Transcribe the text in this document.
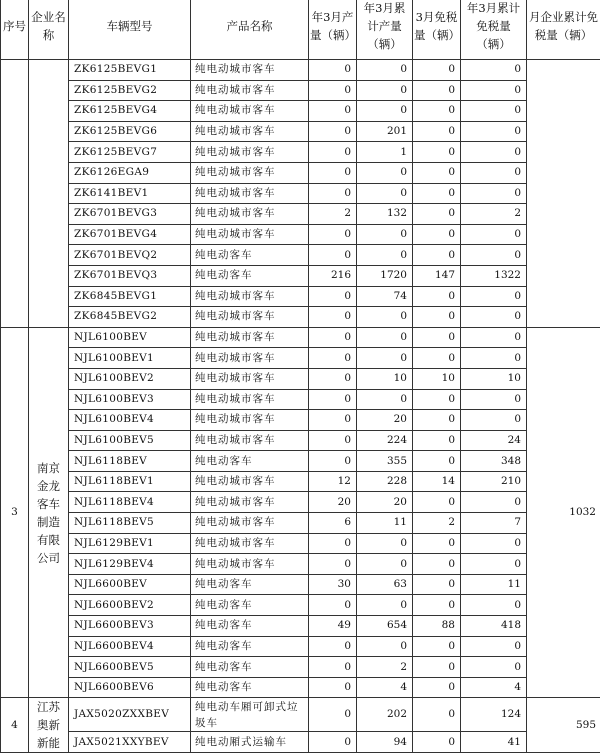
序号	企业名称	车辆型号	产品名称	年3月产量（辆）	年3月累计产量（辆）	3月免税量（辆）	年3月累计免税量（辆）	月企业累计免税量（辆）
		ZK6125BEVG1	纯电动城市客车	0	0	0	0	
		ZK6125BEVG2	纯电动城市客车	0	0	0	0	
		ZK6125BEVG4	纯电动城市客车	0	0	0	0	
		ZK6125BEVG6	纯电动城市客车	0	201	0	0	
		ZK6125BEVG7	纯电动城市客车	0	1	0	0	
		ZK6126EGA9	纯电动城市客车	0	0	0	0	
		ZK6141BEV1	纯电动城市客车	0	0	0	0	
		ZK6701BEVG3	纯电动城市客车	2	132	0	2	
		ZK6701BEVG4	纯电动城市客车	0	0	0	0	
		ZK6701BEVQ2	纯电动客车	0	0	0	0	
		ZK6701BEVQ3	纯电动客车	216	1720	147	1322	
		ZK6845BEVG1	纯电动城市客车	0	74	0	0	
		ZK6845BEVG2	纯电动城市客车	0	0	0	0	
3	南京金龙客车制造有限公司	NJL6100BEV	纯电动城市客车	0	0	0	0	1032
		NJL6100BEV1	纯电动城市客车	0	0	0	0	
		NJL6100BEV2	纯电动城市客车	0	10	10	10	
		NJL6100BEV3	纯电动城市客车	0	0	0	0	
		NJL6100BEV4	纯电动城市客车	0	20	0	0	
		NJL6100BEV5	纯电动城市客车	0	224	0	24	
		NJL6118BEV	纯电动客车	0	355	0	348	
		NJL6118BEV1	纯电动城市客车	12	228	14	210	
		NJL6118BEV4	纯电动城市客车	20	20	0	0	
		NJL6118BEV5	纯电动城市客车	6	11	2	7	
		NJL6129BEV1	纯电动城市客车	0	0	0	0	
		NJL6129BEV4	纯电动城市客车	0	0	0	0	
		NJL6600BEV	纯电动客车	30	63	0	11	
		NJL6600BEV2	纯电动客车	0	0	0	0	
		NJL6600BEV3	纯电动客车	49	654	88	418	
		NJL6600BEV4	纯电动客车	0	0	0	0	
		NJL6600BEV5	纯电动客车	0	2	0	0	
		NJL6600BEV6	纯电动客车	0	4	0	4	
4	江苏奥新新能	JAX5020ZXXBEV	纯电动车厢可卸式垃圾车	0	202	0	124	595
		JAX5021XXYBEV	纯电动厢式运输车	0	94	0	41	
